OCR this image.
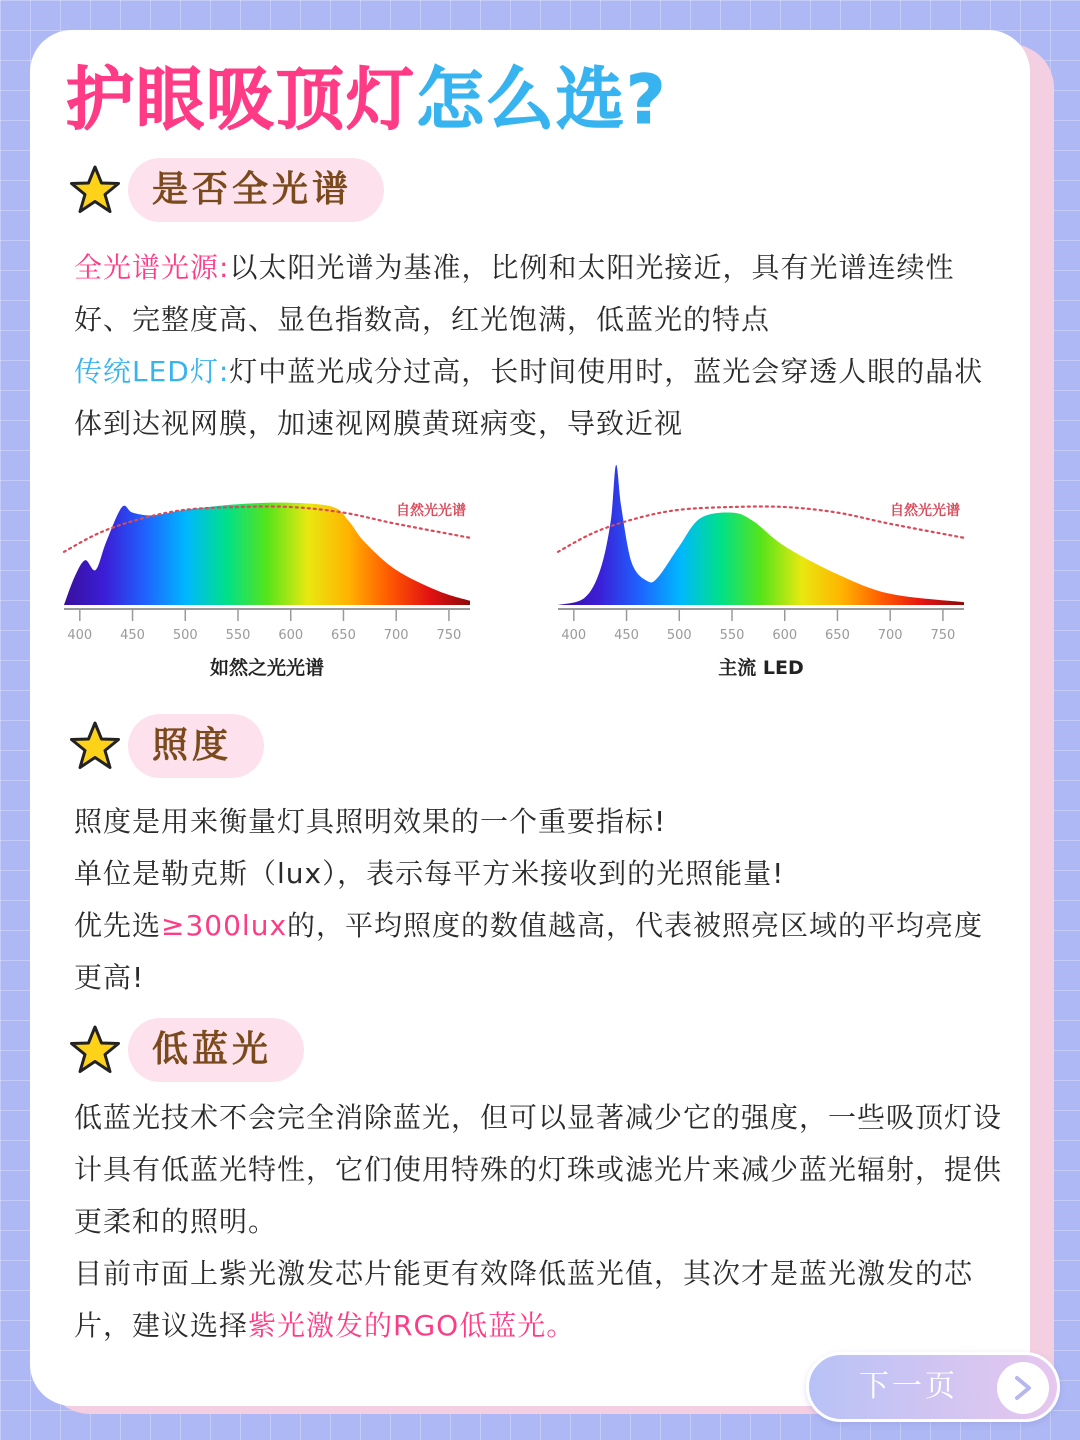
护眼吸顶灯怎么选?
是否全光谱

全光谱光源:以太阳光谱为基准，比例和太阳光接近，具有光谱连续性好、完整度高、显色指数高，红光饱满，低蓝光的特点

传统LED灯:灯中蓝光成分过高，长时间使用时，蓝光会穿透人眼的晶状体到达视网膜，加速视网膜黄斑病变，导致近视

400 450 500 550 600 650 700 750
自然光光谱
如然之光光谱
400 450 500 550 600 650 700 750
自然光光谱
主流 LED
照度

照度是用来衡量灯具照明效果的一个重要指标!

单位是勒克斯（lux），表示每平方米接收到的光照能量!

优先选≥300lux的，平均照度的数值越高，代表被照亮区域的平均亮度更高!

低蓝光

低蓝光技术不会完全消除蓝光，但可以显著减少它的强度，一些吸顶灯设计具有低蓝光特性，它们使用特殊的灯珠或滤光片来减少蓝光辐射，提供更柔和的照明。

目前市面上紫光激发芯片能更有效降低蓝光值，其次才是蓝光激发的芯片，建议选择紫光激发的RGO低蓝光。

下一页
